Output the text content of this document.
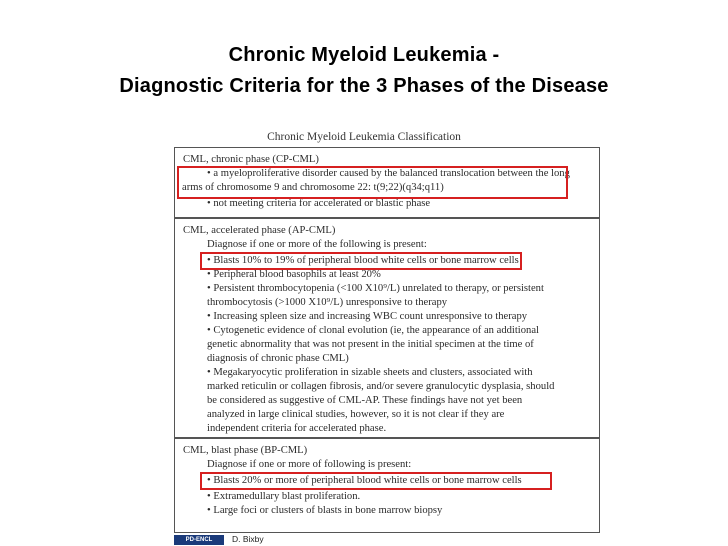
Chronic Myeloid Leukemia -
Diagnostic Criteria for the 3 Phases of the Disease
Chronic Myeloid Leukemia Classification
CML, chronic phase (CP-CML)
• a myeloproliferative disorder caused by the balanced translocation between the long
arms of chromosome 9 and chromosome 22: t(9;22)(q34;q11)
• not meeting criteria for accelerated or blastic phase
CML, accelerated phase (AP-CML)
Diagnose if one or more of the following is present:
• Blasts 10% to 19% of peripheral blood white cells or bone marrow cells
• Peripheral blood basophils at least 20%
• Persistent thrombocytopenia (<100 X10⁹/L) unrelated to therapy, or persistent
thrombocytosis (>1000 X10⁹/L) unresponsive to therapy
• Increasing spleen size and increasing WBC count unresponsive to therapy
• Cytogenetic evidence of clonal evolution (ie, the appearance of an additional
genetic abnormality that was not present in the initial specimen at the time of
diagnosis of chronic phase CML)
• Megakaryocytic proliferation in sizable sheets and clusters, associated with
marked reticulin or collagen fibrosis, and/or severe granulocytic dysplasia, should
be considered as suggestive of CML-AP. These findings have not yet been
analyzed in large clinical studies, however, so it is not clear if they are
independent criteria for accelerated phase.
CML, blast phase (BP-CML)
Diagnose if one or more of following is present:
• Blasts 20% or more of peripheral blood white cells or bone marrow cells
• Extramedullary blast proliferation.
• Large foci or clusters of blasts in bone marrow biopsy
PD-ENCL	D. Bixby
